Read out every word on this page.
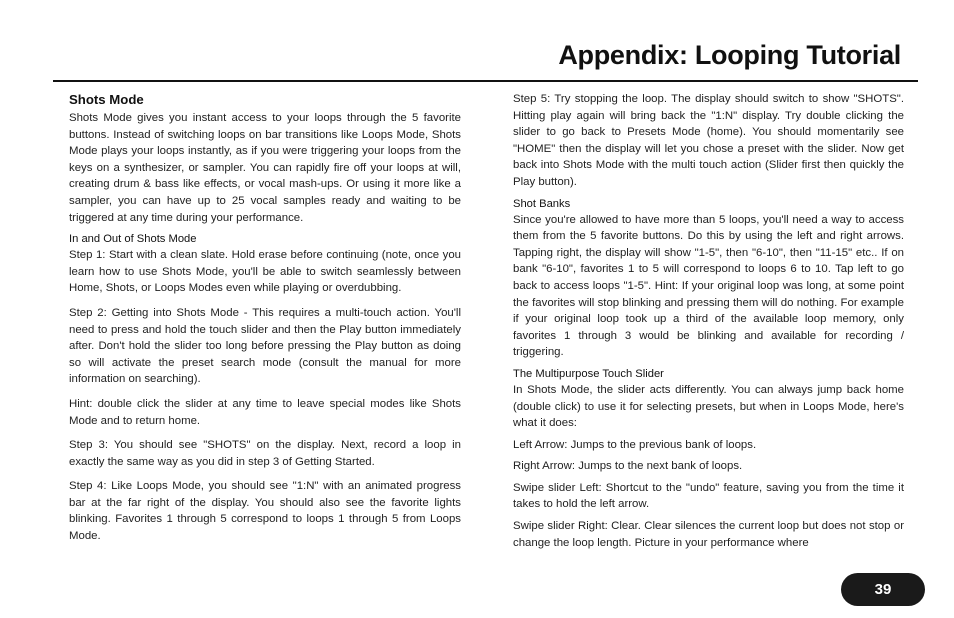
Appendix: Looping Tutorial
Shots Mode

Shots Mode gives you instant access to your loops through the 5 favorite buttons. Instead of switching loops on bar transitions like Loops Mode, Shots Mode plays your loops instantly, as if you were triggering your loops from the keys on a synthesizer, or sampler. You can rapidly fire off your loops at will, creating drum & bass like effects, or vocal mash-ups. Or using it more like a sampler, you can have up to 25 vocal samples ready and waiting to be triggered at any time during your performance.

In and Out of Shots Mode

Step 1: Start with a clean slate. Hold erase before continuing (note, once you learn how to use Shots Mode, you'll be able to switch seamlessly between Home, Shots, or Loops Modes even while playing or overdubbing.

Step 2: Getting into Shots Mode - This requires a multi-touch action. You'll need to press and hold the touch slider and then the Play button immediately after. Don't hold the slider too long before pressing the Play button as doing so will activate the preset search mode (consult the manual for more information on searching).

Hint: double click the slider at any time to leave special modes like Shots Mode and to return home.

Step 3: You should see "SHOTS" on the display. Next, record a loop in exactly the same way as you did in step 3 of Getting Started.

Step 4: Like Loops Mode, you should see "1:N" with an animated progress bar at the far right of the display. You should also see the favorite lights blinking. Favorites 1 through 5 correspond to loops 1 through 5 from Loops Mode.

Step 5: Try stopping the loop. The display should switch to show "SHOTS". Hitting play again will bring back the "1:N" display. Try double clicking the slider to go back to Presets Mode (home). You should momentarily see "HOME" then the display will let you chose a preset with the slider. Now get back into Shots Mode with the multi touch action (Slider first then quickly the Play button).

Shot Banks

Since you're allowed to have more than 5 loops, you'll need a way to access them from the 5 favorite buttons. Do this by using the left and right arrows. Tapping right, the display will show "1-5", then "6-10", then "11-15" etc.. If on bank "6-10", favorites 1 to 5 will correspond to loops 6 to 10. Tap left to go back to access loops "1-5". Hint: If your original loop was long, at some point the favorites will stop blinking and pressing them will do nothing. For example if your original loop took up a third of the available loop memory, only favorites 1 through 3 would be blinking and available for recording / triggering.

The Multipurpose Touch Slider

In Shots Mode, the slider acts differently. You can always jump back home (double click) to use it for selecting presets, but when in Loops Mode, here's what it does:

Left Arrow: Jumps to the previous bank of loops.

Right Arrow: Jumps to the next bank of loops.

Swipe slider Left: Shortcut to the "undo" feature, saving you from the time it takes to hold the left arrow.

Swipe slider Right: Clear. Clear silences the current loop but does not stop or change the loop length. Picture in your performance where

39
